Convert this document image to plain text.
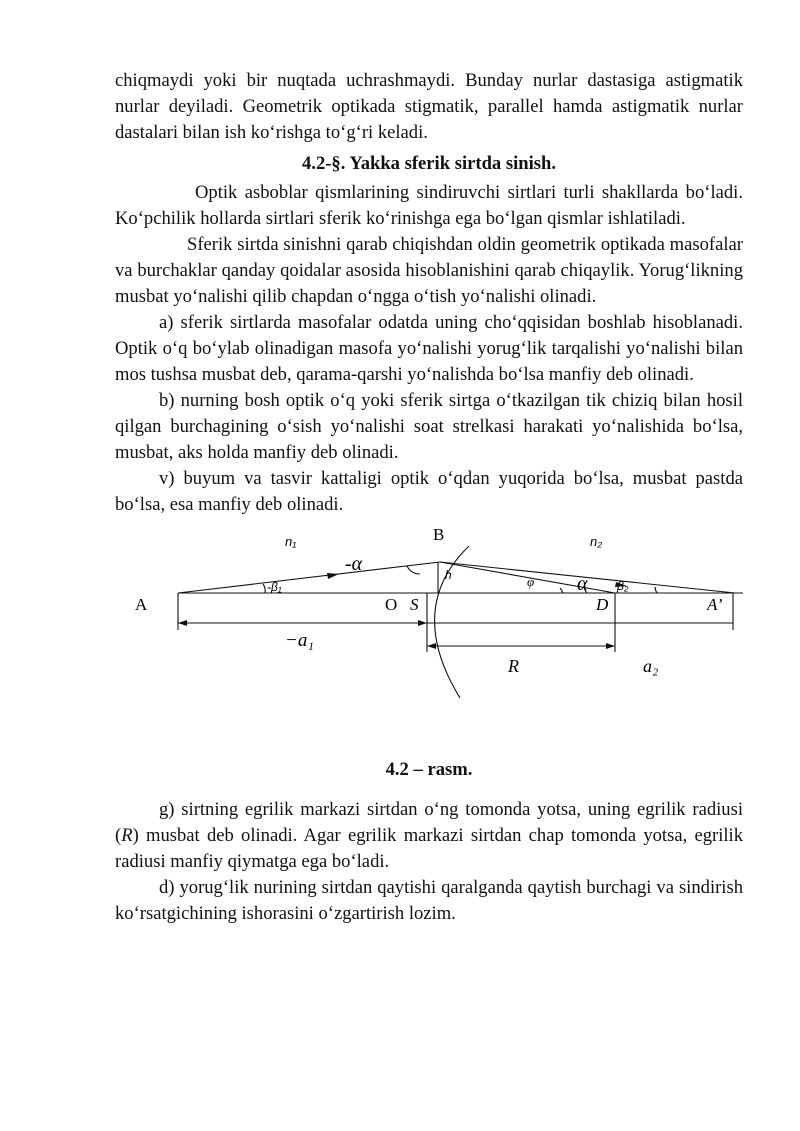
chiqmaydi yoki bir nuqtada uchrashmaydi. Bunday nurlar dastasiga astigmatik nurlar deyiladi. Geometrik optikada stigmatik, parallel hamda astigmatik nurlar dastalari bilan ish ko‘rishga to‘g‘ri keladi.

4.2-§. Yakka sferik sirtda sinish.

Optik asboblar qismlarining sindiruvchi sirtlari turli shakllarda bo‘ladi. Ko‘pchilik hollarda sirtlari sferik ko‘rinishga ega bo‘lgan qismlar ishlatiladi.

Sferik sirtda sinishni qarab chiqishdan oldin geometrik optikada masofalar va burchaklar qanday qoidalar asosida hisoblanishini qarab chiqaylik. Yorug‘likning musbat yo‘nalishi qilib chapdan o‘ngga o‘tish yo‘nalishi olinadi.

a) sferik sirtlarda masofalar odatda uning cho‘qqisidan boshlab hisoblanadi. Optik o‘q bo‘ylab olinadigan masofa yo‘nalishi yorug‘lik tarqalishi yo‘nalishi bilan mos tushsa musbat deb, qarama-qarshi yo‘nalishda bo‘lsa manfiy deb olinadi.

b) nurning bosh optik o‘q yoki sferik sirtga o‘tkazilgan tik chiziq bilan hosil qilgan burchagining o‘sish yo‘nalishi soat strelkasi harakati yo‘nalishida bo‘lsa, musbat, aks holda manfiy deb olinadi.

v) buyum va tasvir kattaligi optik o‘qdan yuqorida bo‘lsa, musbat pastda bo‘lsa, esa manfiy deb olinadi.

n₁	n₂
B
-α
-β₁
h	φ α β₂
A	O S	D	A’
−a₁
R	a₂

4.2 – rasm.

g) sirtning egrilik markazi sirtdan o‘ng tomonda yotsa, uning egrilik radiusi (R) musbat deb olinadi. Agar egrilik markazi sirtdan chap tomonda yotsa, egrilik radiusi manfiy qiymatga ega bo‘ladi.

d) yorug‘lik nurining sirtdan qaytishi qaralganda qaytish burchagi va sindirish ko‘rsatgichining ishorasini o‘zgartirish lozim.
